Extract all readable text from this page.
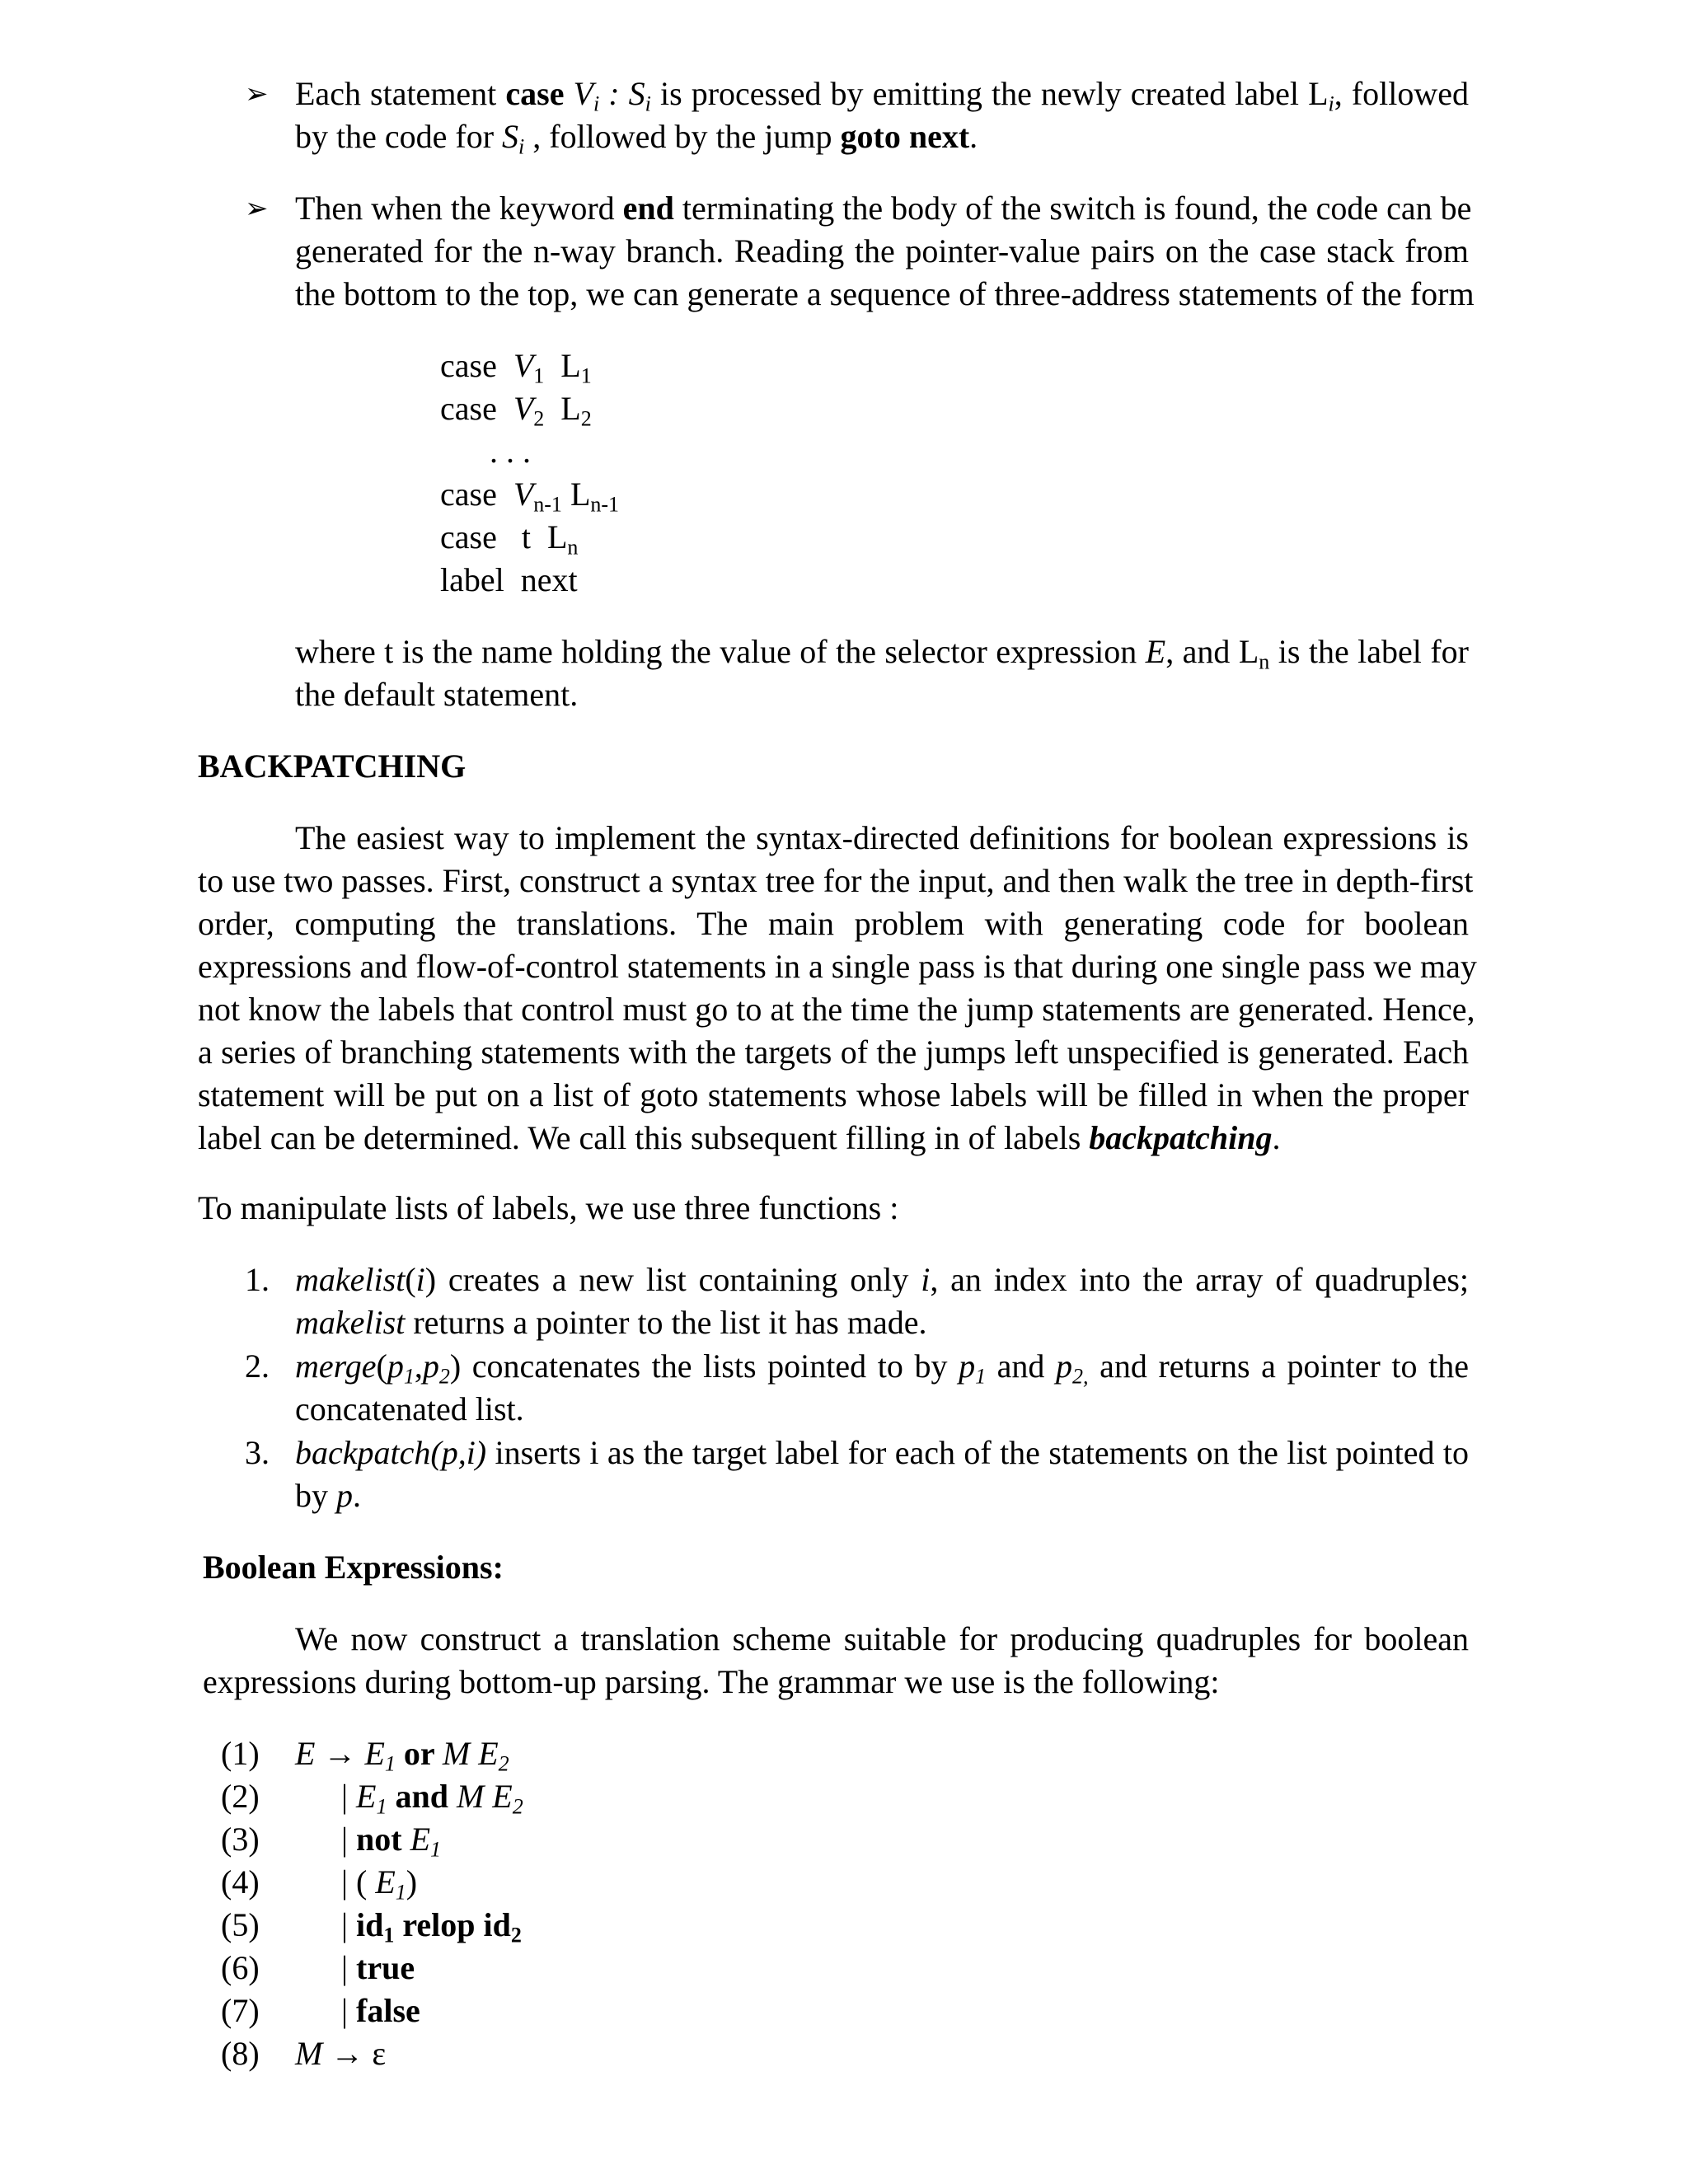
➢ Each statement case $V_i$ : $S_i$ is processed by emitting the newly created label $L_i$, followed
by the code for $S_i$ , followed by the jump goto next.
➢ Then when the keyword end terminating the body of the switch is found, the code can be
generated for the n-way branch. Reading the pointer-value pairs on the case stack from
the bottom to the top, we can generate a sequence of three-address statements of the form
case  $V_1$  $L_1$
case  $V_2$  $L_2$
. . .
case  $V_{n-1}$ $L_{n-1}$
case   t  $L_n$
label  next
where t is the name holding the value of the selector expression E, and $L_n$ is the label for
the default statement.
BACKPATCHING
The easiest way to implement the syntax-directed definitions for boolean expressions is
to use two passes. First, construct a syntax tree for the input, and then walk the tree in depth-first
order, computing the translations. The main problem with generating code for boolean
expressions and flow-of-control statements in a single pass is that during one single pass we may
not know the labels that control must go to at the time the jump statements are generated. Hence,
a series of branching statements with the targets of the jumps left unspecified is generated. Each
statement will be put on a list of goto statements whose labels will be filled in when the proper
label can be determined. We call this subsequent filling in of labels backpatching.
To manipulate lists of labels, we use three functions :
1. makelist(i) creates a new list containing only i, an index into the array of quadruples;
makelist returns a pointer to the list it has made.
2. $merge(p_1,p_2)$ concatenates the lists pointed to by $p_1$ and $p_{2,}$ and returns a pointer to the
concatenated list.
3. backpatch(p,i) inserts i as the target label for each of the statements on the list pointed to
by p.
Boolean Expressions:
We now construct a translation scheme suitable for producing quadruples for boolean
expressions during bottom-up parsing. The grammar we use is the following:
(1) $E \to E_1$ or M $E_2$
(2) | $E_1$ and M $E_2$
(3) | not $E_1$
(4) | ( $E_1$)
(5) | $id_1$ relop $id_2$
(6) | true
(7) | false
(8) M → ε
